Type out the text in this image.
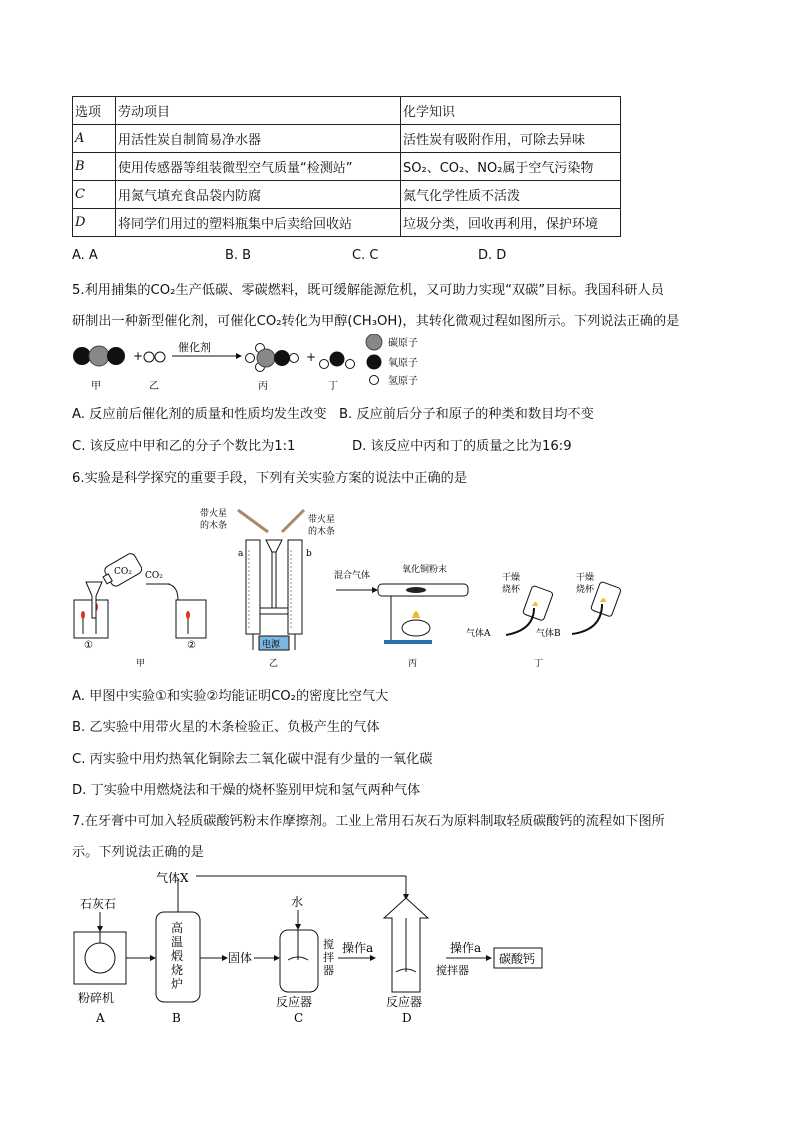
选项	劳动项目	化学知识
A	用活性炭自制简易净水器	活性炭有吸附作用，可除去异味
B	使用传感器等组装微型空气质量“检测站”	SO₂、CO₂、NO₂属于空气污染物
C	用氮气填充食品袋内防腐	氮气化学性质不活泼
D	将同学们用过的塑料瓶集中后卖给回收站	垃圾分类，回收再利用，保护环境
A. A	B. B	C. C	D. D
5.利用捕集的CO₂生产低碳、零碳燃料，既可缓解能源危机，又可助力实现“双碳”目标。我国科研人员
研制出一种新型催化剂，可催化CO₂转化为甲醇(CH₃OH)，其转化微观过程如图所示。下列说法正确的是
+
催化剂
+
碳原子
氧原子
氢原子
甲	乙	丙	丁
A. 反应前后催化剂的质量和性质均发生改变 B. 反应前后分子和原子的种类和数目均不变
C. 该反应中甲和乙的分子个数比为1:1	D. 该反应中丙和丁的质量之比为16:9
6.实验是科学探究的重要手段，下列有关实验方案的说法中正确的是
CO₂ CO₂
①	②
甲
带火星
的木条
带火星
的木条
a	b
电源
乙
混合气体
氧化铜粉末
丙
干燥
烧杯
气体A
干燥
烧杯
气体B
丁
A. 甲图中实验①和实验②均能证明CO₂的密度比空气大
B. 乙实验中用带火星的木条检验正、负极产生的气体
C. 丙实验中用灼热氧化铜除去二氧化碳中混有少量的一氧化碳
D. 丁实验中用燃烧法和干燥的烧杯鉴别甲烷和氢气两种气体
7.在牙膏中可加入轻质碳酸钙粉末作摩擦剂。工业上常用石灰石为原料制取轻质碳酸钙的流程如下图所
示。下列说法正确的是
石灰石
粉碎机
A
高
温
煅
烧
炉
B
气体X
固体
水
搅
拌
器
反应器
C
操作a
搅拌器
反应器
D
操作a
碳酸钙
